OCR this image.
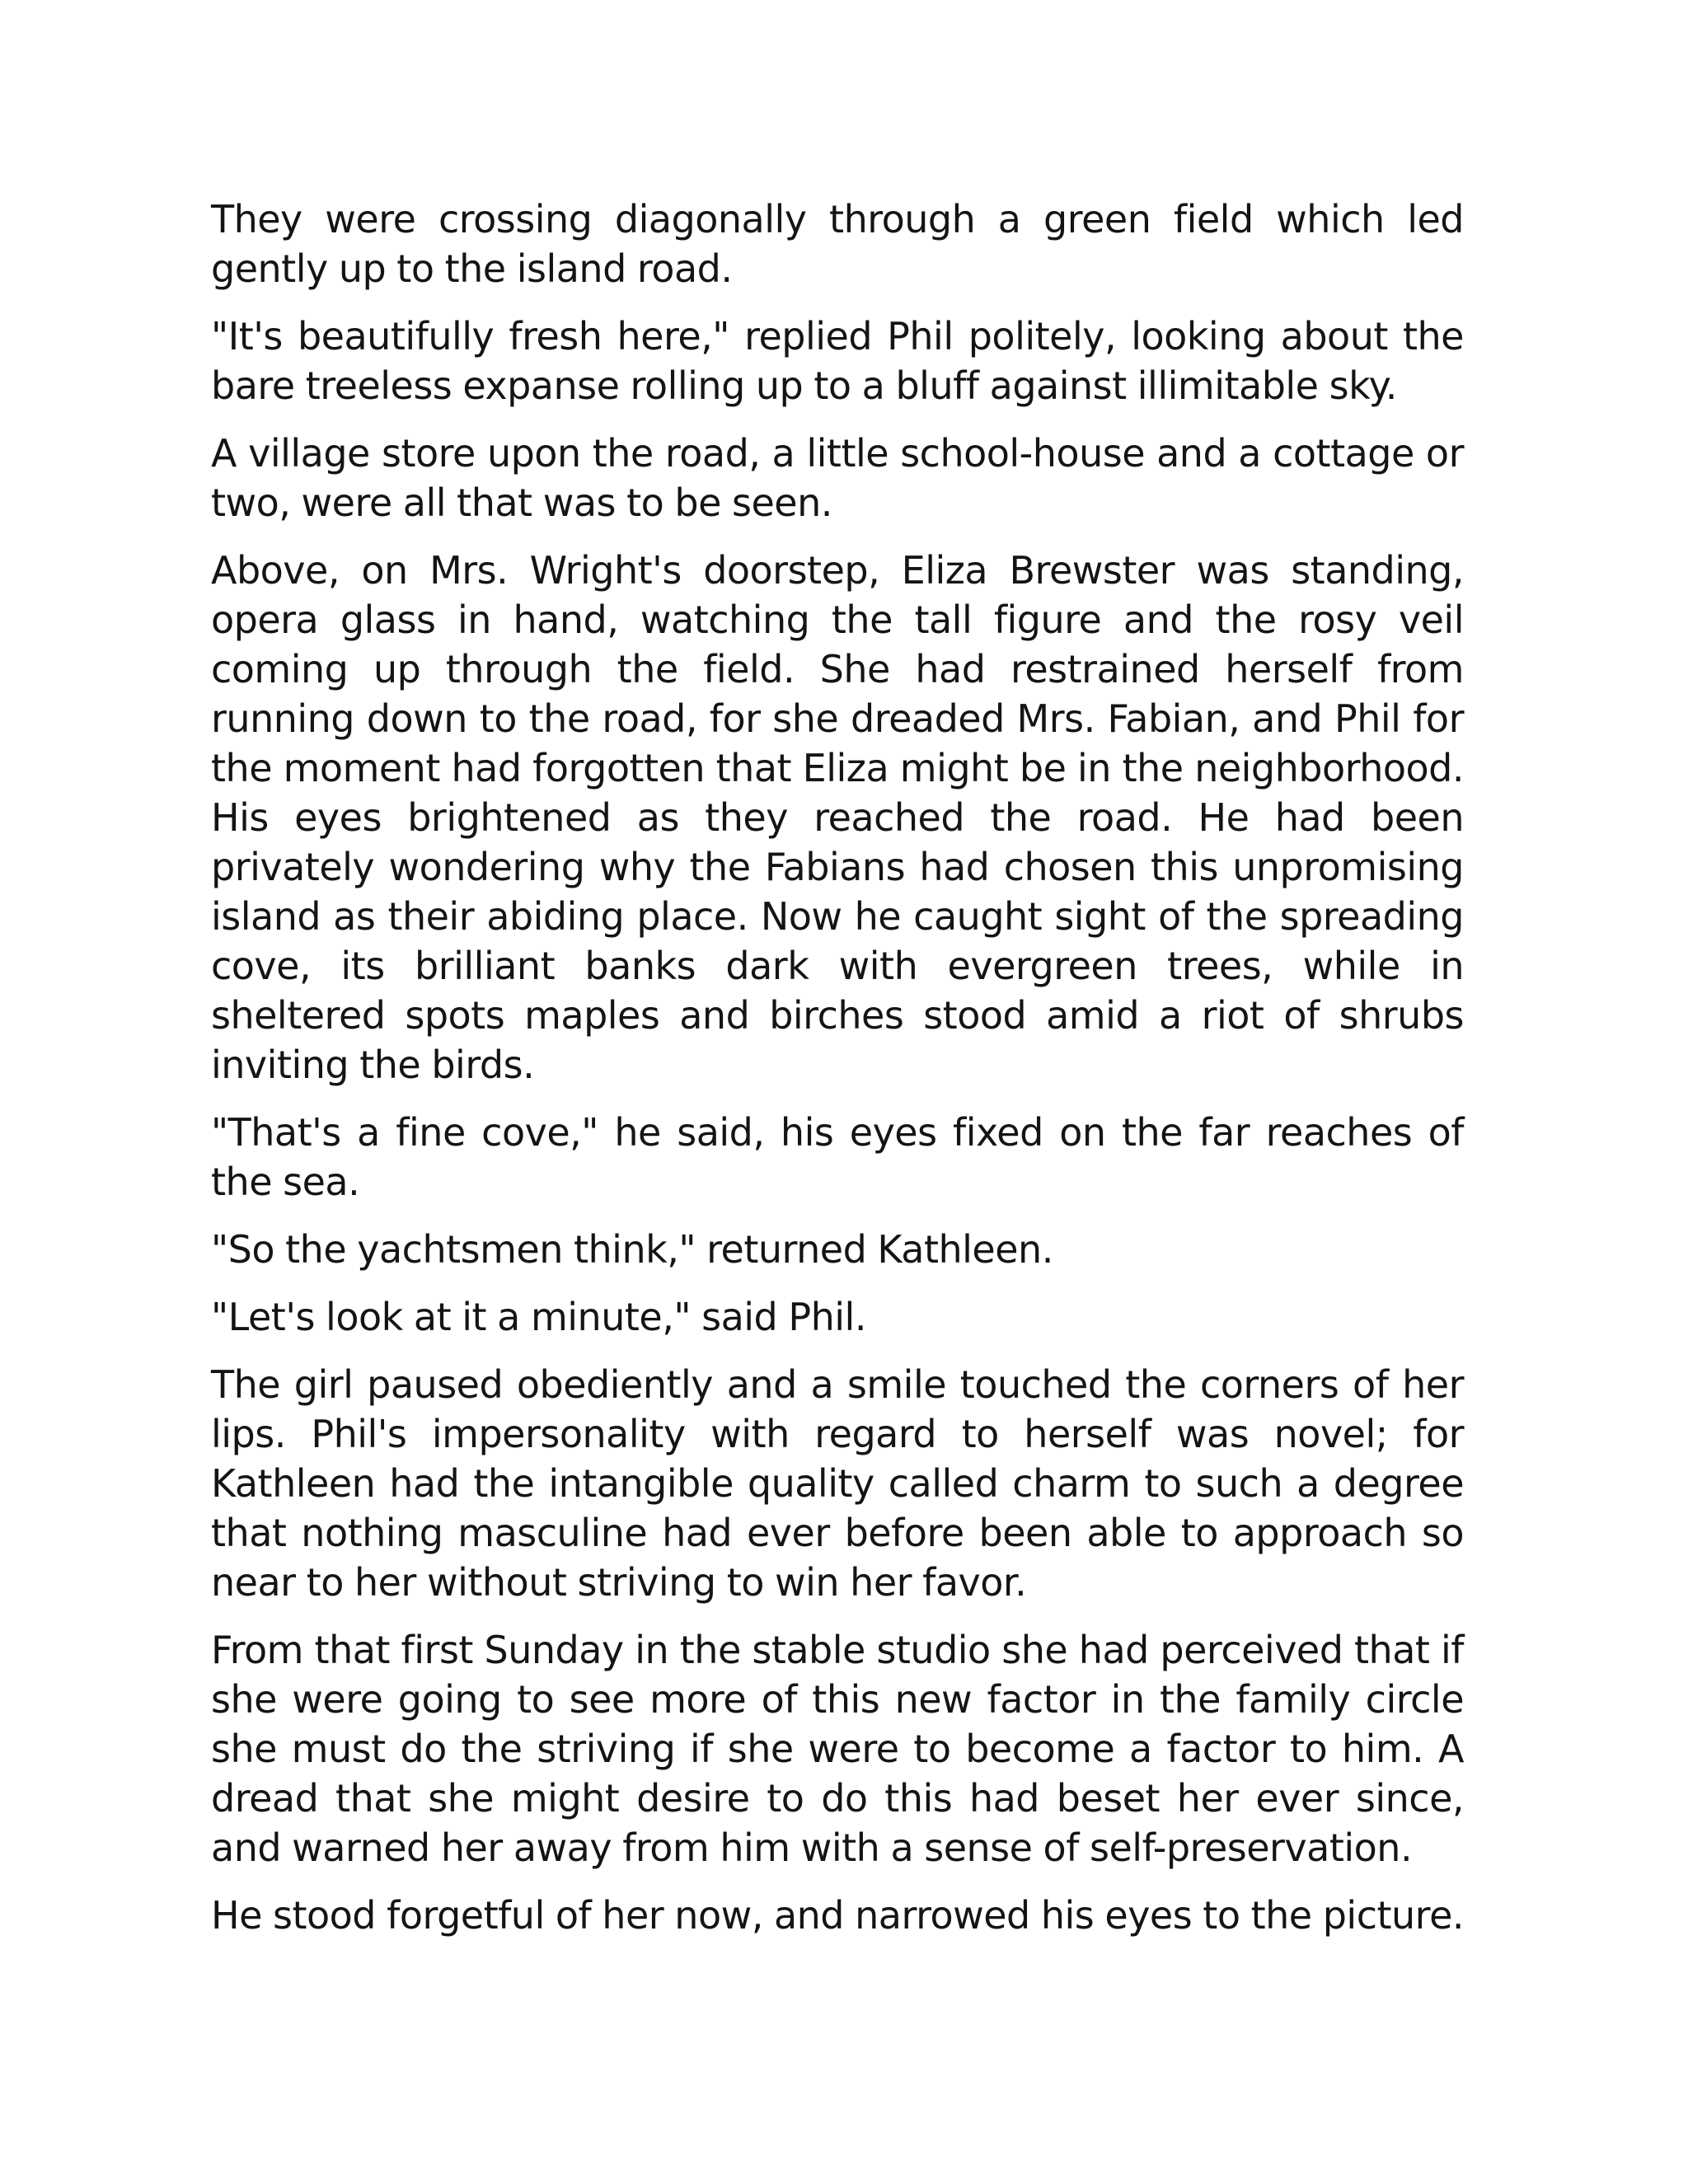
They were crossing diagonally through a green field which led gently up to the island road.

"It's beautifully fresh here," replied Phil politely, looking about the bare treeless expanse rolling up to a bluff against illimitable sky.

A village store upon the road, a little school-house and a cottage or two, were all that was to be seen.

Above, on Mrs. Wright's doorstep, Eliza Brewster was standing, opera glass in hand, watching the tall figure and the rosy veil coming up through the field. She had restrained herself from running down to the road, for she dreaded Mrs. Fabian, and Phil for the moment had forgotten that Eliza might be in the neighborhood. His eyes brightened as they reached the road. He had been privately wondering why the Fabians had chosen this unpromising island as their abiding place. Now he caught sight of the spreading cove, its brilliant banks dark with evergreen trees, while in sheltered spots maples and birches stood amid a riot of shrubs inviting the birds.

"That's a fine cove," he said, his eyes fixed on the far reaches of the sea.

"So the yachtsmen think," returned Kathleen.

"Let's look at it a minute," said Phil.

The girl paused obediently and a smile touched the corners of her lips. Phil's impersonality with regard to herself was novel; for Kathleen had the intangible quality called charm to such a degree that nothing masculine had ever before been able to approach so near to her without striving to win her favor.

From that first Sunday in the stable studio she had perceived that if she were going to see more of this new factor in the family circle she must do the striving if she were to become a factor to him. A dread that she might desire to do this had beset her ever since, and warned her away from him with a sense of self-preservation.

He stood forgetful of her now, and narrowed his eyes to the picture.
